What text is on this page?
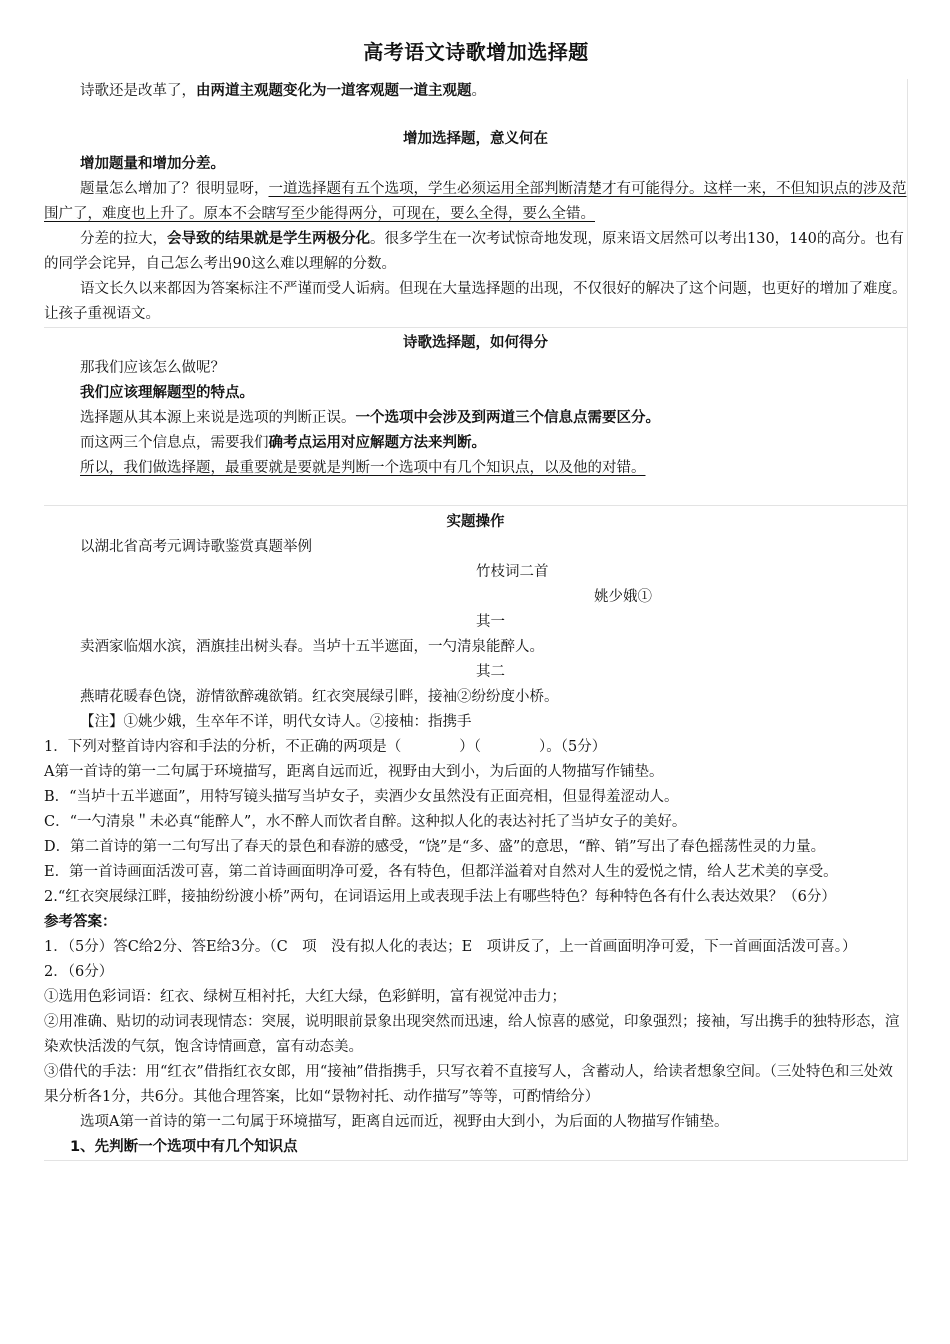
高考语文诗歌增加选择题

诗歌还是改革了，由两道主观题变化为一道客观题一道主观题。

增加选择题，意义何在

增加题量和增加分差。

题量怎么增加了？很明显呀，一道选择题有五个选项，学生必须运用全部判断清楚才有可能得分。这样一来，不但知识点的涉及范围广了，难度也上升了。原本不会瞎写至少能得两分，可现在，要么全得，要么全错。

分差的拉大，会导致的结果就是学生两极分化。很多学生在一次考试惊奇地发现，原来语文居然可以考出130，140的高分。也有的同学会诧异，自己怎么考出90这么难以理解的分数。

语文长久以来都因为答案标注不严谨而受人诟病。但现在大量选择题的出现，不仅很好的解决了这个问题，也更好的增加了难度。让孩子重视语文。

诗歌选择题，如何得分

那我们应该怎么做呢？

我们应该理解题型的特点。

选择题从其本源上来说是选项的判断正误。一个选项中会涉及到两道三个信息点需要区分。

而这两三个信息点，需要我们确考点运用对应解题方法来判断。

所以，我们做选择题，最重要就是要就是判断一个选项中有几个知识点，以及他的对错。

实题操作

以湖北省高考元调诗歌鉴赏真题举例

竹枝词二首

姚少娥①

其一

卖酒家临烟水滨，酒旗挂出树头春。当垆十五半遮面，一勺清泉能醉人。

其二

燕晴花暖春色饶，游情欲醉魂欲销。红衣突展绿引畔，接袖②纷纷度小桥。

【注】①姚少娥，生卒年不详，明代女诗人。②接柚：指携手

1．下列对整首诗内容和手法的分析，不正确的两项是（　　　　）（　　　　）。（5分）

A第一首诗的第一二句属于环境描写，距离自远而近，视野由大到小，为后面的人物描写作铺垫。

B．“当垆十五半遮面”，用特写镜头描写当垆女子，卖酒少女虽然没有正面亮相，但显得羞涩动人。

C．“一勺清泉＂未必真“能醉人”，水不醉人而饮者自醉。这种拟人化的表达衬托了当垆女子的美好。

D．第二首诗的第一二句写出了春天的景色和春游的感受，“饶”是“多、盛”的意思，“醉、销”写出了春色摇荡性灵的力量。

E．第一首诗画面活泼可喜，第二首诗画面明净可爱，各有特色，但都洋溢着对自然对人生的爱悦之情，给人艺术美的享受。

2.“红衣突展绿江畔，接抽纷纷渡小桥”两句，在词语运用上或表现手法上有哪些特色？每种特色各有什么表达效果？（6分）

参考答案：

1．（5分）答C给2分、答E给3分。（C　项　没有拟人化的表达；E　项讲反了，上一首画面明净可爱，下一首画面活泼可喜。）

2．（6分）

①选用色彩词语：红衣、绿树互相衬托，大红大绿，色彩鲜明，富有视觉冲击力；

②用准确、贴切的动词表现情态：突展，说明眼前景象出现突然而迅速，给人惊喜的感觉，印象强烈；接袖，写出携手的独特形态，渲染欢快活泼的气氛，饱含诗情画意，富有动态美。

③借代的手法：用“红衣”借指红衣女郎，用“接袖”借指携手，只写衣着不直接写人，含蓄动人，给读者想象空间。（三处特色和三处效果分析各1分，共6分。其他合理答案，比如“景物衬托、动作描写”等等，可酌情给分）

选项A第一首诗的第一二句属于环境描写，距离自远而近，视野由大到小，为后面的人物描写作铺垫。

1、先判断一个选项中有几个知识点
